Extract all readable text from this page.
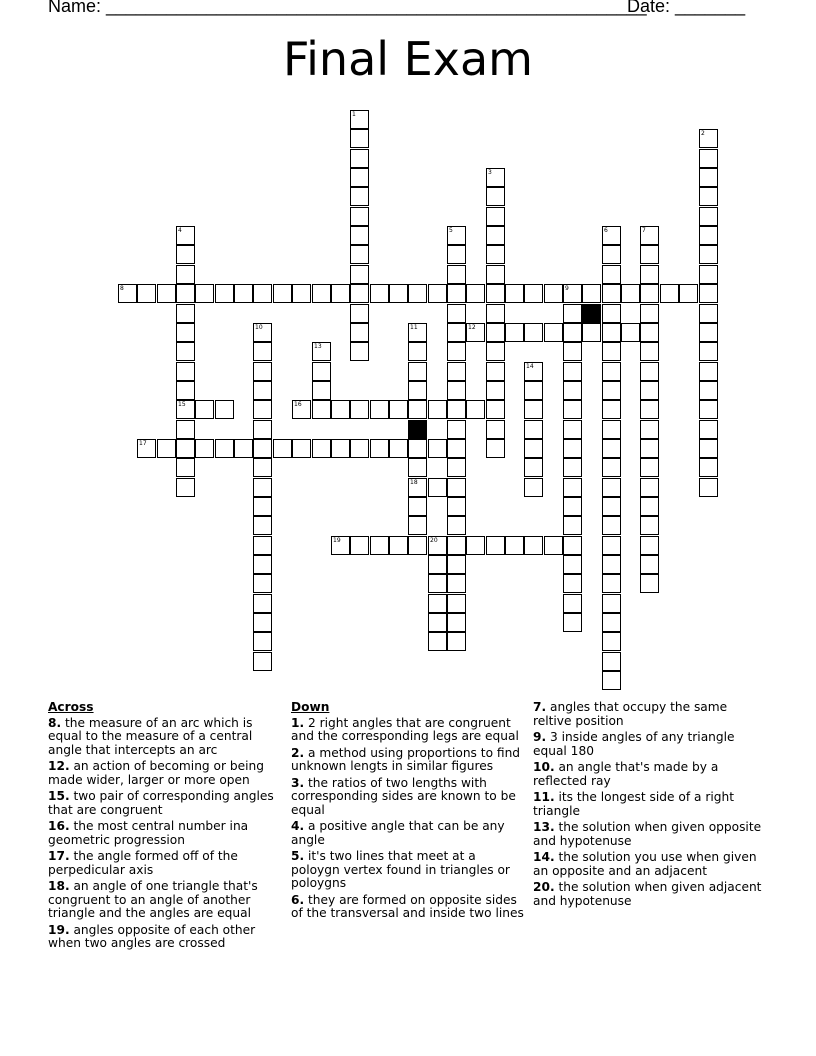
Name: ______________________________________________________
Date: _______
Final Exam
1
2
3
4
15
5	6	7
8	9
10	11
18
12
13
14
16
17
19	20
Across
8. the measure of an arc which is equal to the measure of a central angle that intercepts an arc
12. an action of becoming or being made wider, larger or more open
15. two pair of corresponding angles that are congruent
16. the most central number ina geometric progression
17. the angle formed off of the perpedicular axis
18. an angle of one triangle that's congruent to an angle of another triangle and the angles are equal
19. angles opposite of each other when two angles are crossed
Down
1. 2 right angles that are congruent and the corresponding legs are equal
2. a method using proportions to find unknown lengts in similar figures
3. the ratios of two lengths with corresponding sides are known to be equal
4. a positive angle that can be any angle
5. it's two lines that meet at a poloygn vertex found in triangles or poloygns
6. they are formed on opposite sides of the transversal and inside two lines
7. angles that occupy the same reltive position
9. 3 inside angles of any triangle equal 180
10. an angle that's made by a reflected ray
11. its the longest side of a right triangle
13. the solution when given opposite and hypotenuse
14. the solution you use when given an opposite and an adjacent
20. the solution when given adjacent and hypotenuse
